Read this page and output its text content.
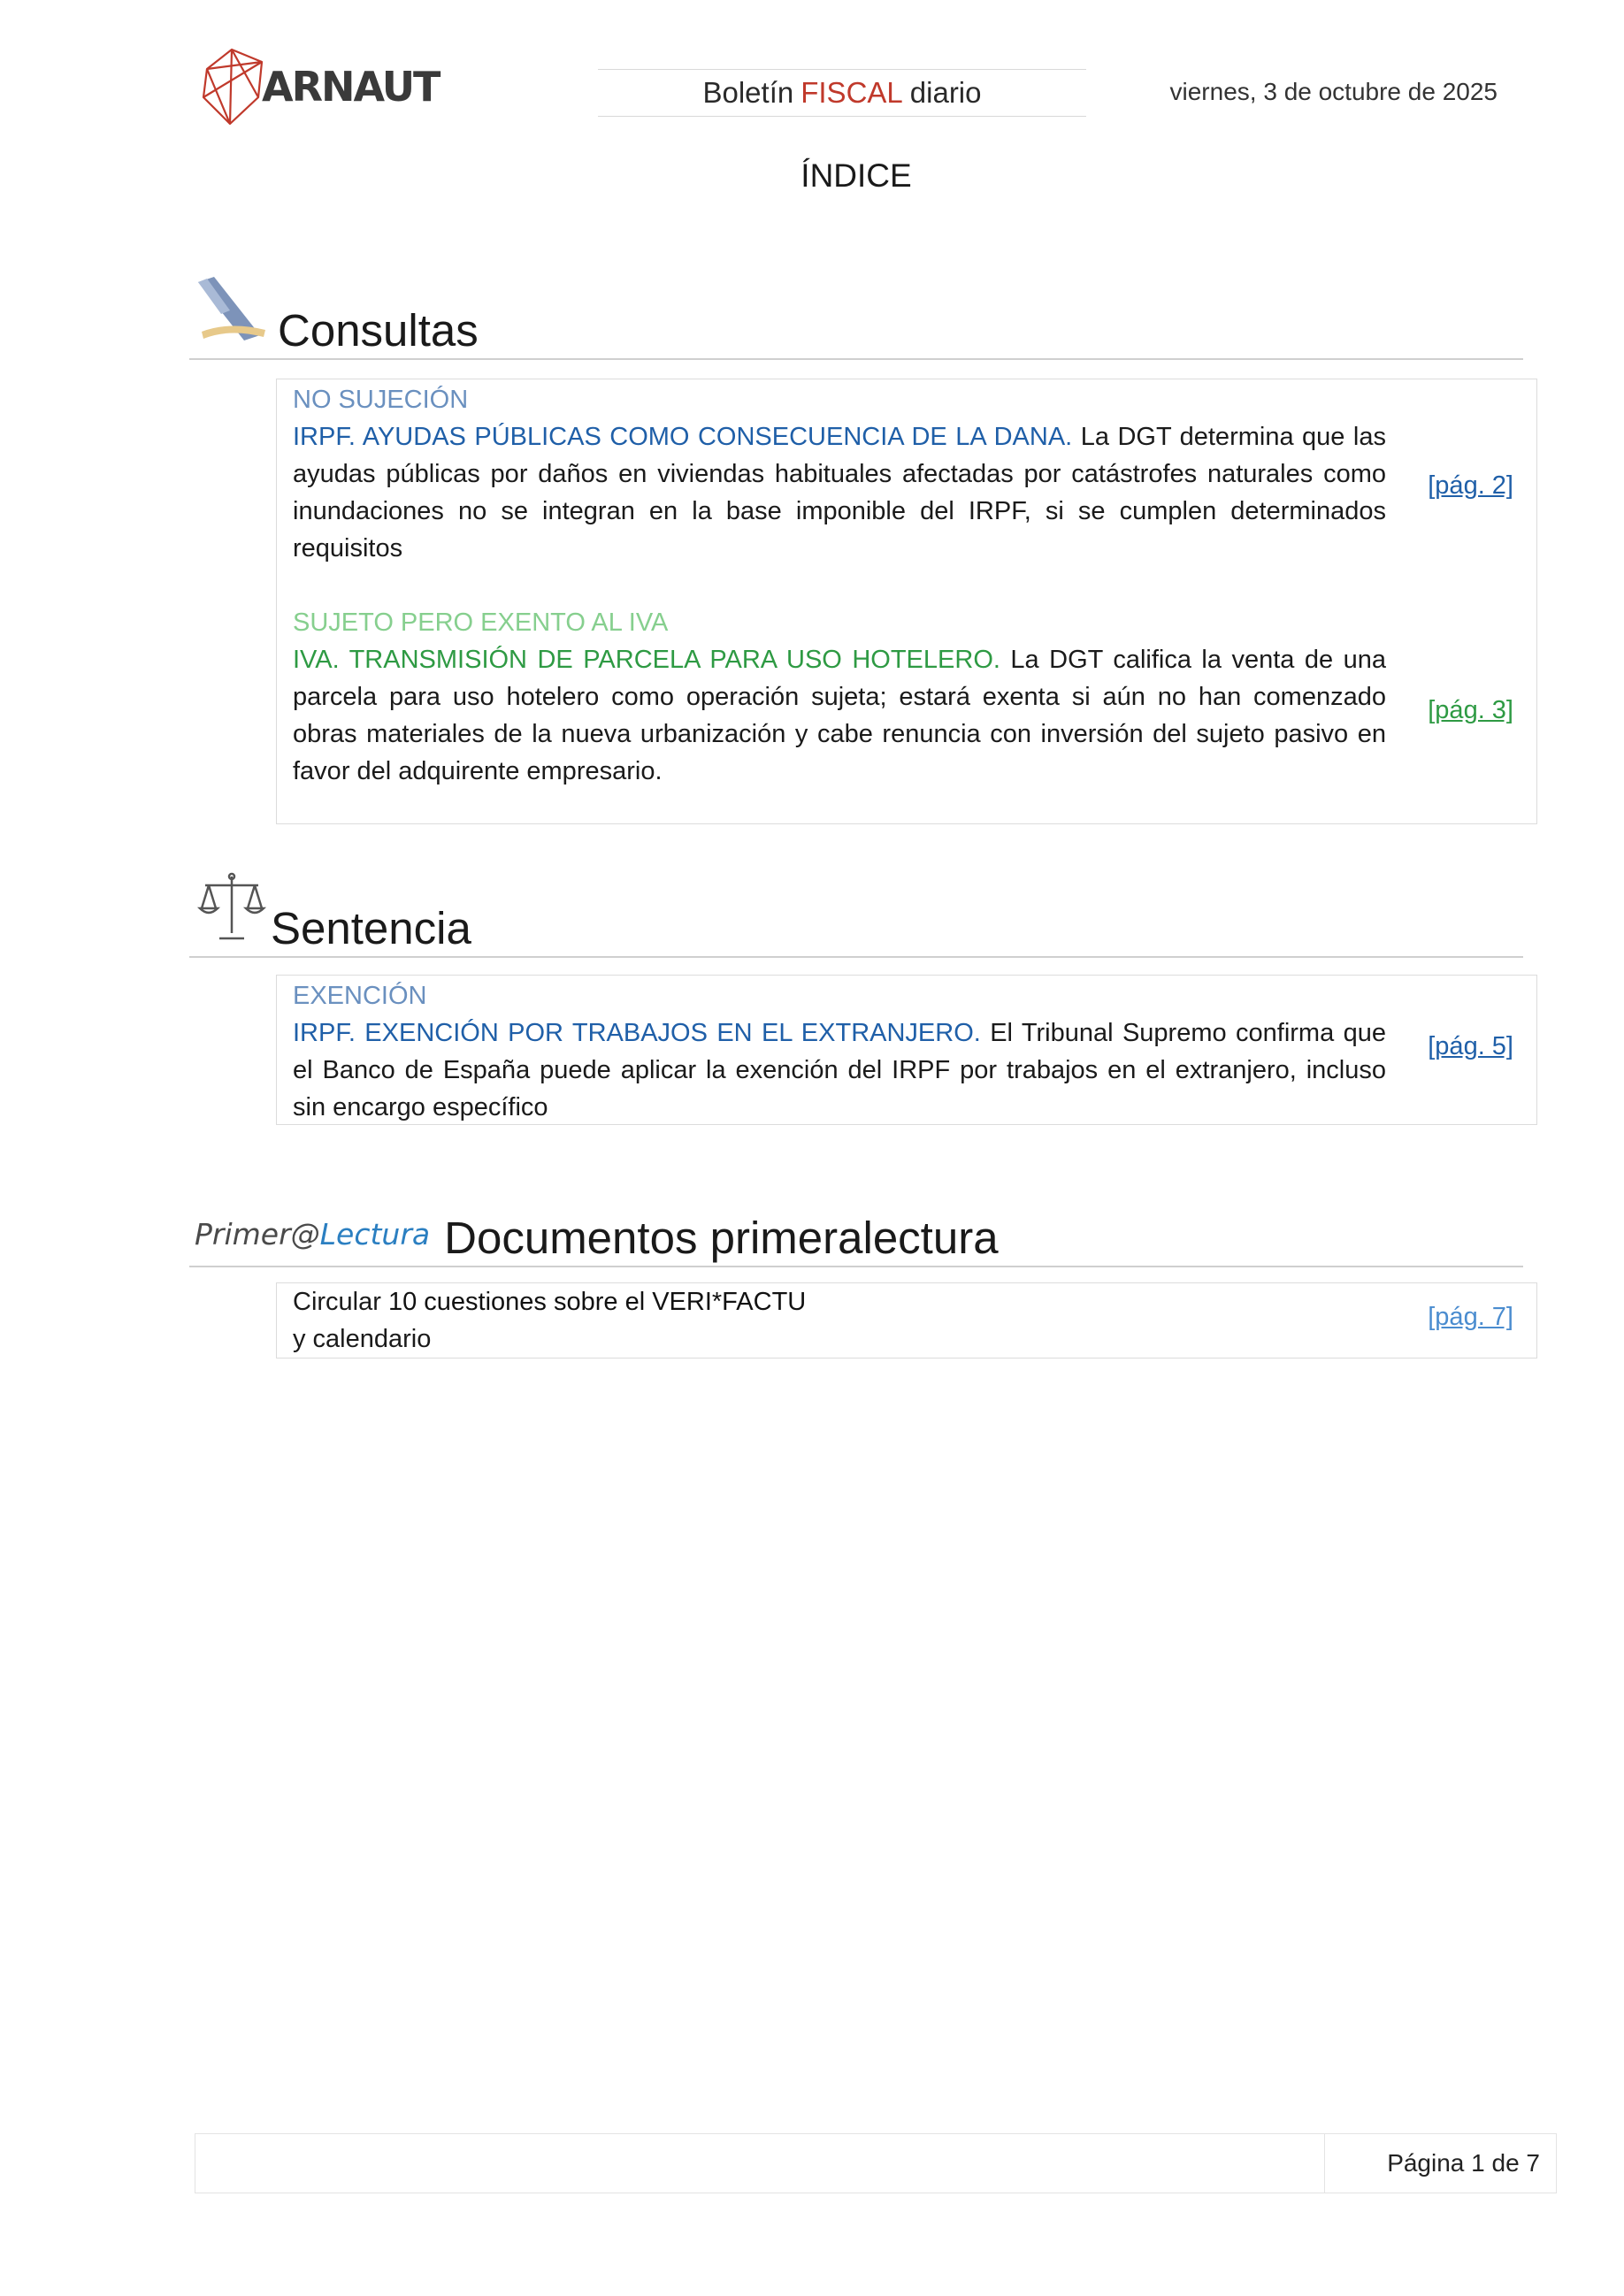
ARNAUT	Boletín FISCAL diario	viernes, 3 de octubre de 2025
ÍNDICE
Consultas
NO SUJECIÓN
IRPF. AYUDAS PÚBLICAS COMO CONSECUENCIA DE LA DANA. La DGT determina que las ayudas públicas por daños en viviendas habituales afectadas por catástrofes naturales como inundaciones no se integran en la base imponible del IRPF, si se cumplen determinados requisitos
[pág. 2]
SUJETO PERO EXENTO AL IVA
IVA. TRANSMISIÓN DE PARCELA PARA USO HOTELERO. La DGT califica la venta de una parcela para uso hotelero como operación sujeta; estará exenta si aún no han comenzado obras materiales de la nueva urbanización y cabe renuncia con inversión del sujeto pasivo en favor del adquirente empresario.
[pág. 3]
Sentencia
EXENCIÓN
IRPF. EXENCIÓN POR TRABAJOS EN EL EXTRANJERO. El Tribunal Supremo confirma que el Banco de España puede aplicar la exención del IRPF por trabajos en el extranjero, incluso sin encargo específico
[pág. 5]
Primer@Lectura Documentos primeralectura
Circular 10 cuestiones sobre el VERI*FACTU
y calendario
[pág. 7]
Página 1 de 7
